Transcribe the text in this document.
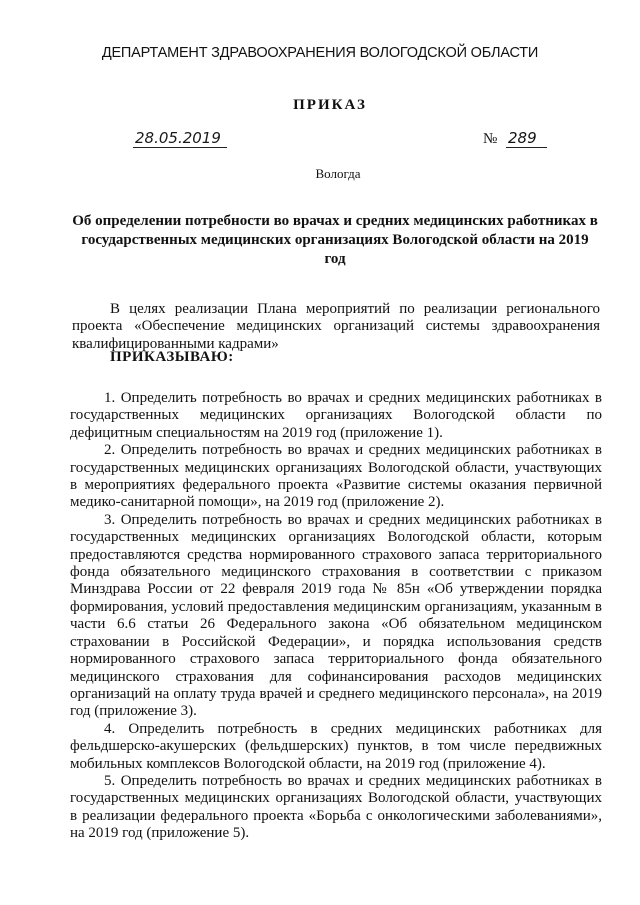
ДЕПАРТАМЕНТ ЗДРАВООХРАНЕНИЯ ВОЛОГОДСКОЙ ОБЛАСТИ
ПРИКАЗ
28.05.2019	№ 289
Вологда
Об определении потребности во врачах и средних медицинских работниках в государственных медицинских организациях Вологодской области на 2019 год

В целях реализации Плана мероприятий по реализации регионального проекта «Обеспечение медицинских организаций системы здравоохранения квалифицированными кадрами»

ПРИКАЗЫВАЮ:

1. Определить потребность во врачах и средних медицинских работниках в государственных медицинских организациях Вологодской области по дефицитным специальностям на 2019 год (приложение 1).

2. Определить потребность во врачах и средних медицинских работниках в государственных медицинских организациях Вологодской области, участвующих в мероприятиях федерального проекта «Развитие системы оказания первичной медико-санитарной помощи», на 2019 год (приложение 2).

3. Определить потребность во врачах и средних медицинских работниках в государственных медицинских организациях Вологодской области, которым предоставляются средства нормированного страхового запаса территориального фонда обязательного медицинского страхования в соответствии с приказом Минздрава России от 22 февраля 2019 года № 85н «Об утверждении порядка формирования, условий предоставления медицинским организациям, указанным в части 6.6 статьи 26 Федерального закона «Об обязательном медицинском страховании в Российской Федерации», и порядка использования средств нормированного страхового запаса территориального фонда обязательного медицинского страхования для софинансирования расходов медицинских организаций на оплату труда врачей и среднего медицинского персонала», на 2019 год (приложение 3).

4. Определить потребность в средних медицинских работниках для фельдшерско-акушерских (фельдшерских) пунктов, в том числе передвижных мобильных комплексов Вологодской области, на 2019 год (приложение 4).

5. Определить потребность во врачах и средних медицинских работниках в государственных медицинских организациях Вологодской области, участвующих в реализации федерального проекта «Борьба с онкологическими заболеваниями», на 2019 год (приложение 5).
